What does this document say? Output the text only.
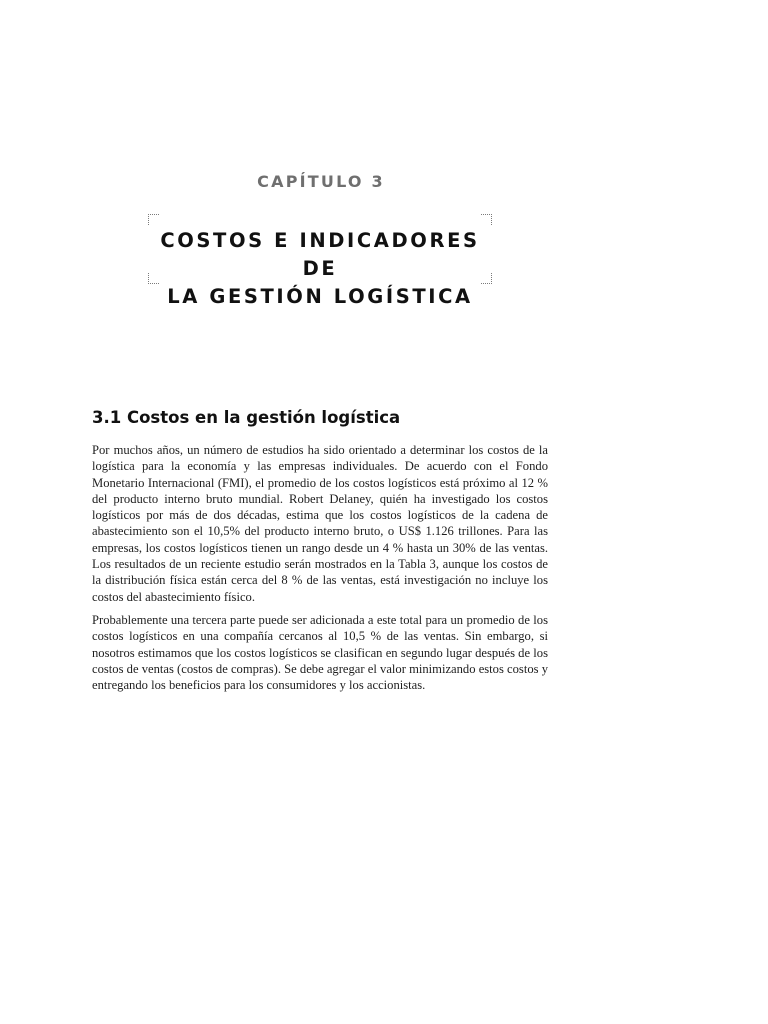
CAPÍTULO 3

COSTOS E INDICADORES DE
LA GESTIÓN LOGÍSTICA
3.1 Costos en la gestión logística

Por muchos años, un número de estudios ha sido orientado a determinar los costos de la logística para la economía y las empresas individuales. De acuerdo con el Fondo Monetario Internacional (FMI), el promedio de los costos logísticos está próximo al 12 % del producto interno bruto mundial. Robert Delaney, quién ha investigado los costos logísticos por más de dos décadas, estima que los costos logísticos de la cadena de abastecimiento son el 10,5% del producto interno bruto, o US$ 1.126 trillones. Para las empresas, los costos logísticos tienen un rango desde un 4 % hasta un 30% de las ventas. Los resultados de un reciente estudio serán mostrados en la Tabla 3, aunque los costos de la distribución física están cerca del 8 % de las ventas, está investigación no incluye los costos del abastecimiento físico.

Probablemente una tercera parte puede ser adicionada a este total para un promedio de los costos logísticos en una compañía cercanos al 10,5 % de las ventas. Sin embargo, si nosotros estimamos que los costos logísticos se clasifican en segundo lugar después de los costos de ventas (costos de compras). Se debe agregar el valor minimizando estos costos y entregando los beneficios para los consumidores y los accionistas.
